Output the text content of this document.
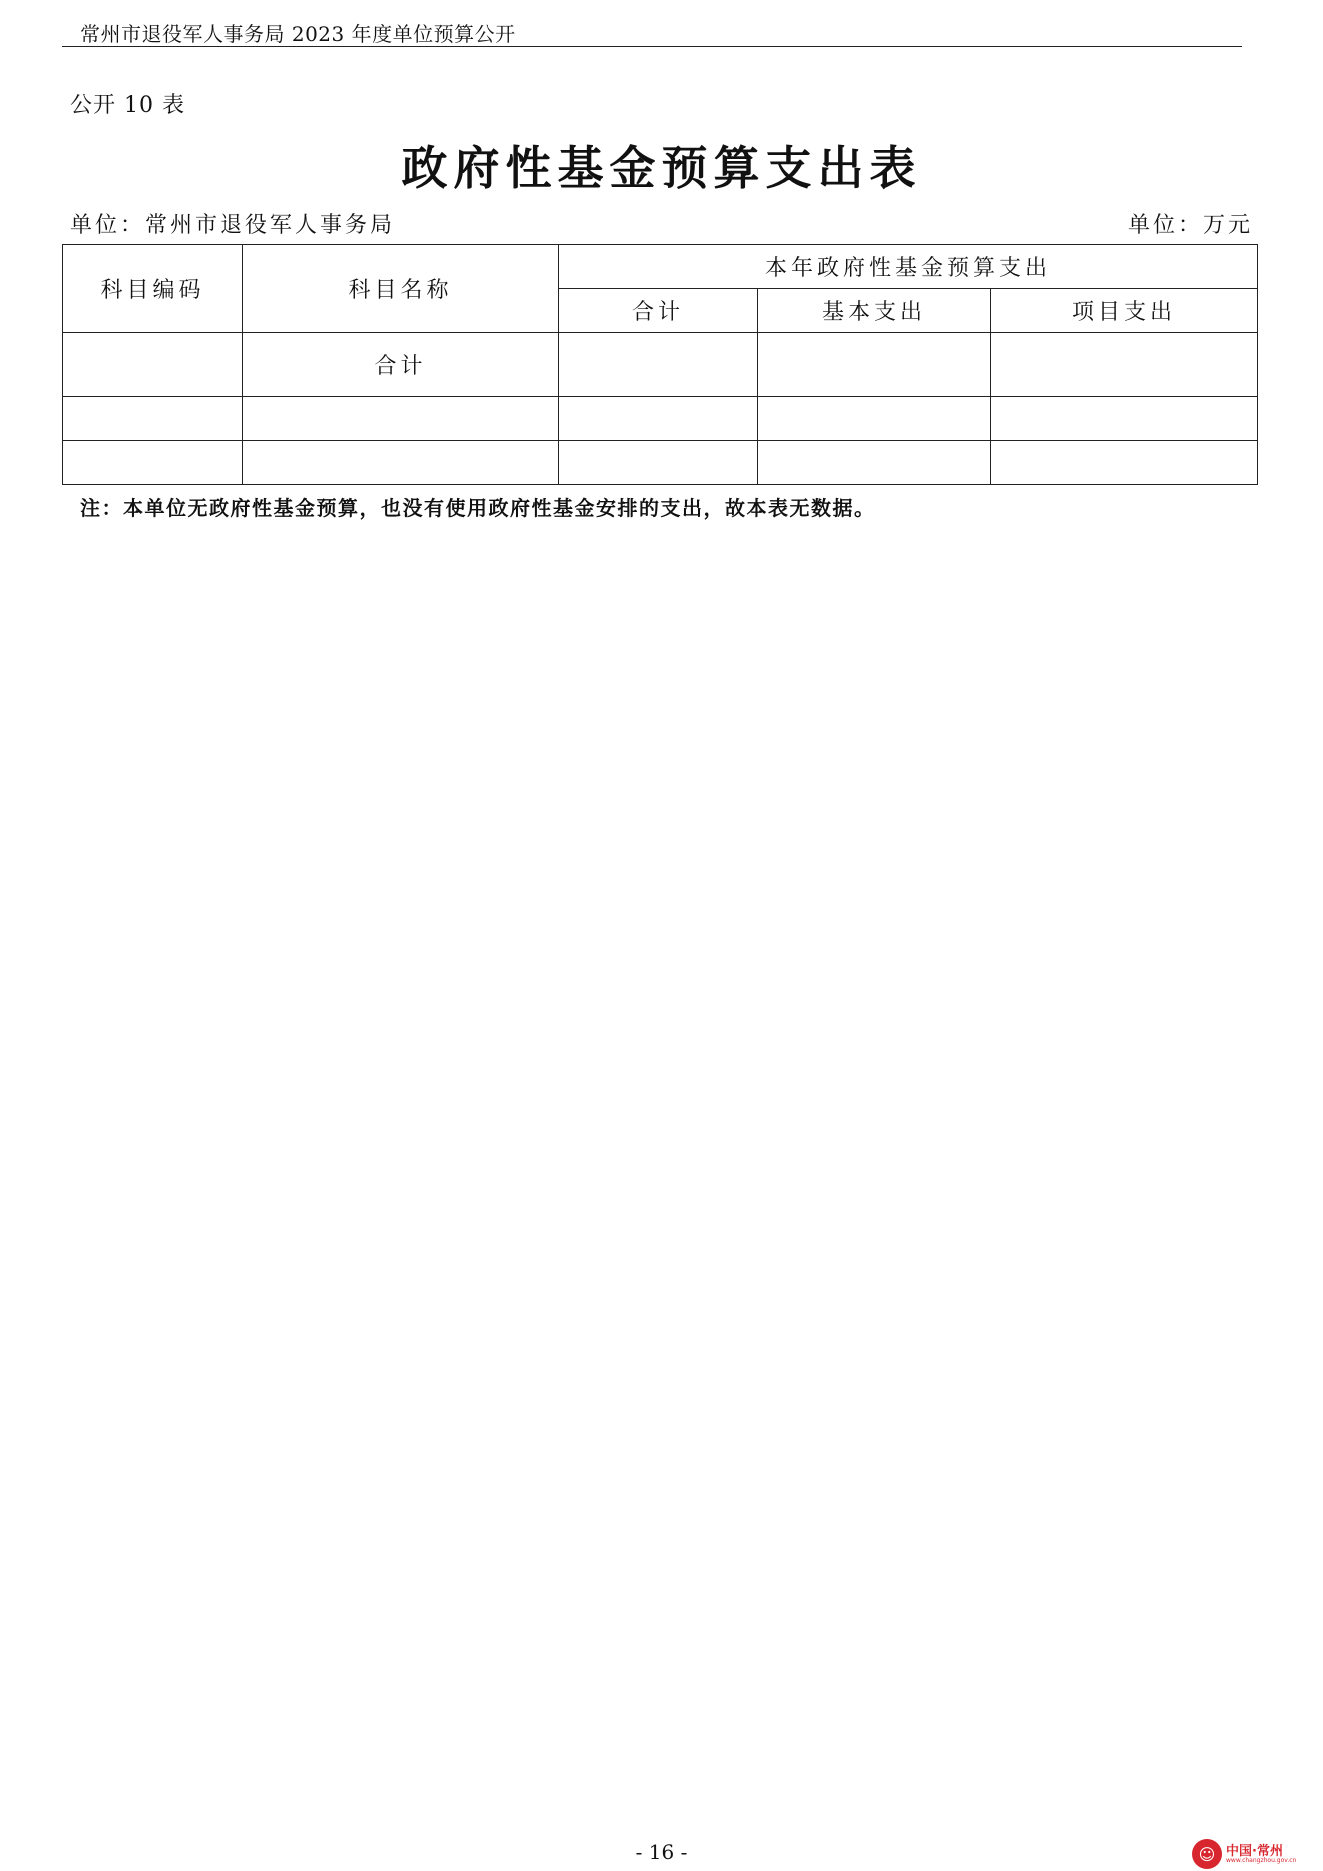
常州市退役军人事务局 2023 年度单位预算公开
公开 10 表
政府性基金预算支出表
单位：常州市退役军人事务局	单位：万元
科目编码	科目名称	本年政府性基金预算支出		
		合计	基本支出	项目支出
	合计			

注：本单位无政府性基金预算，也没有使用政府性基金安排的支出，故本表无数据。
- 16 -	☺ 中国·常州
www.changzhou.gov.cn
